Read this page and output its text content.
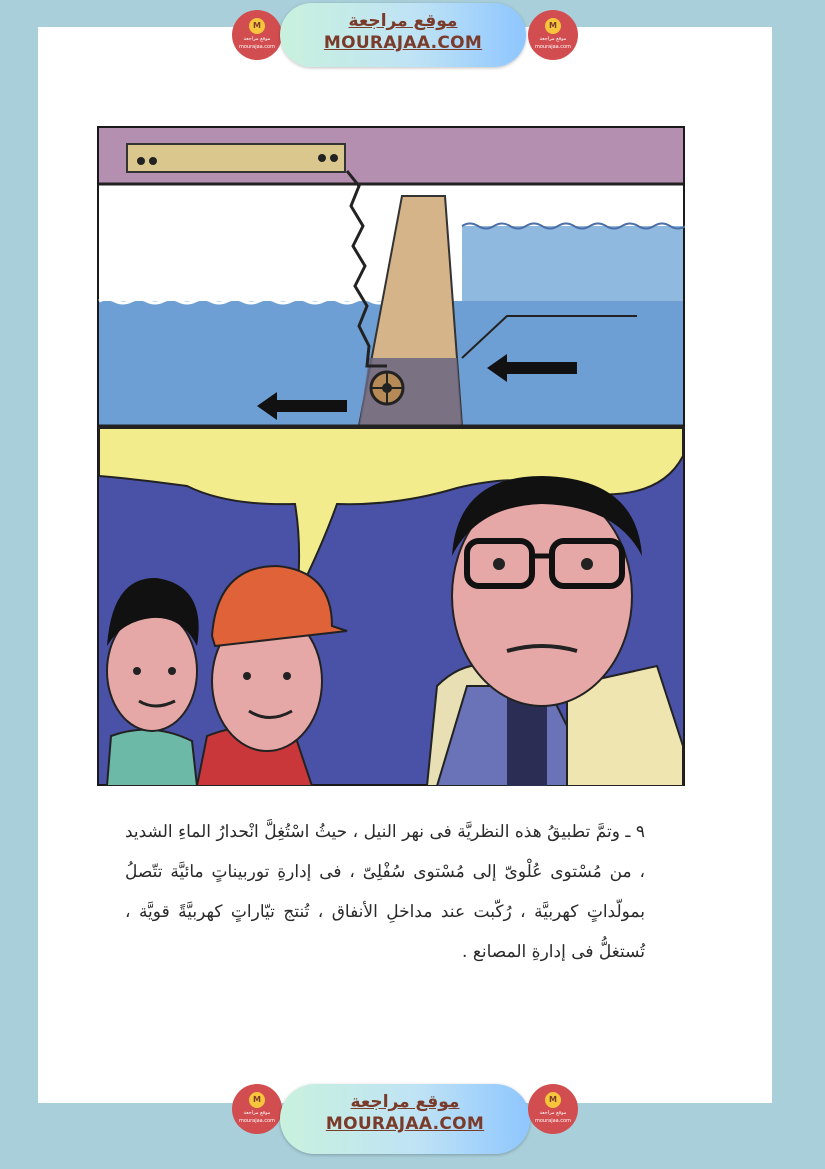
M
موقع مراجعة
mourajaa.com
موقع مراجعة
MOURAJAA.COM
M
موقع مراجعة
mourajaa.com
٩ ـ وتمَّ تطبيقُ هذه النظريَّة فى نهر النيل ، حيثُ اسْتُغِلَّ انْحدارُ الماءِ الشديد ، من مُسْتوى عُلْوىّ إلى مُسْتوى سُفْلِىّ ، فى إدارةِ توربيناتٍ مائيَّة تتّصلُ بمولّداتٍ كهربيَّة ، رُكّبت عند مداخلِ الأنفاق ، تُنتج تيّاراتٍ كهربيَّةً قويَّة ، تُستغلُّ فى إدارةِ المصانع .
M
موقع مراجعة
mourajaa.com
موقع مراجعة
MOURAJAA.COM
M
موقع مراجعة
mourajaa.com
